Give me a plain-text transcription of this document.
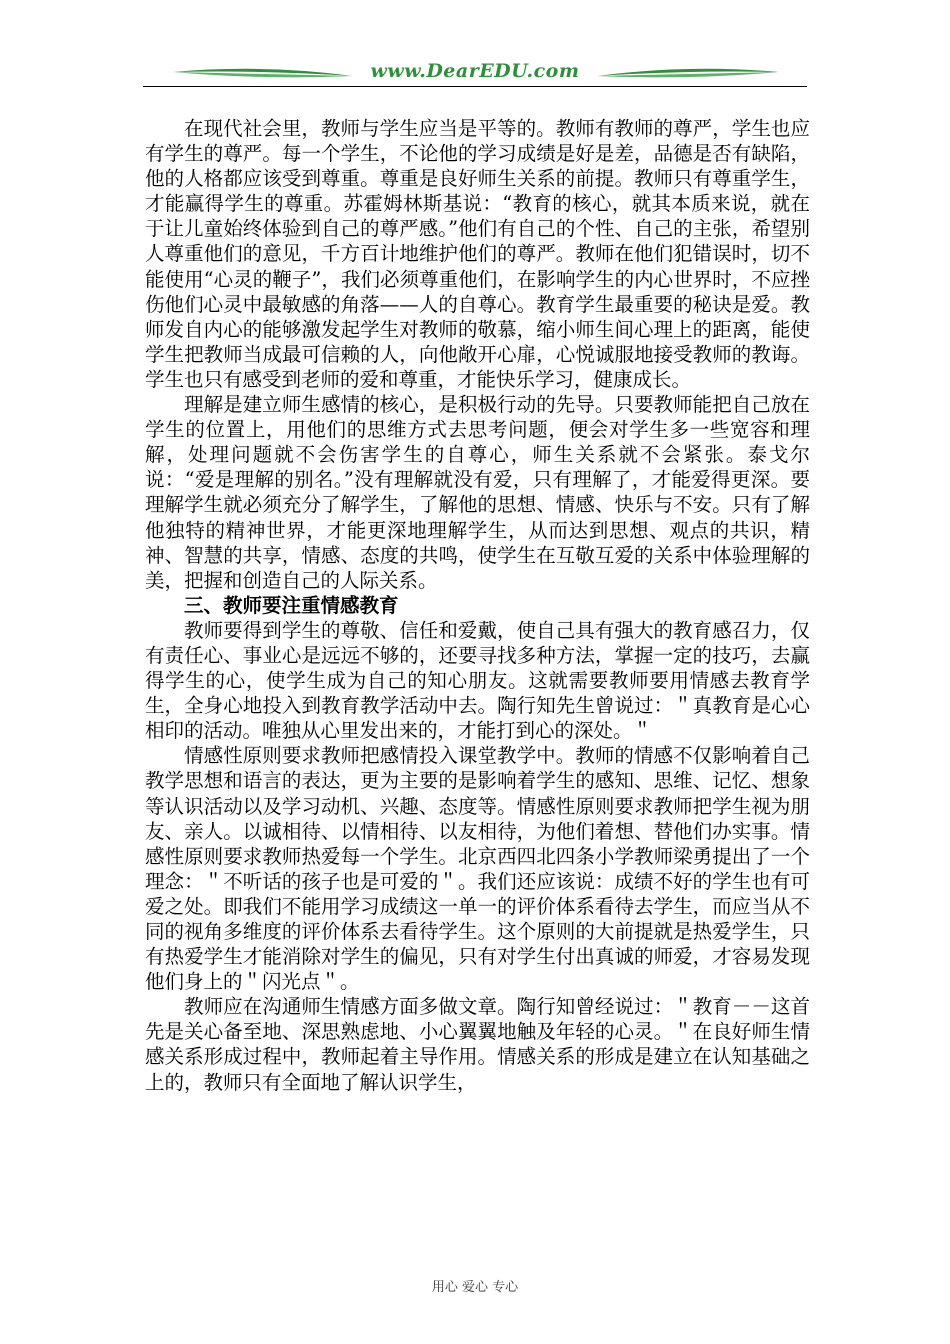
www.DearEDU.com

在现代社会里，教师与学生应当是平等的。教师有教师的尊严，学生也应有学生的尊严。每一个学生，不论他的学习成绩是好是差，品德是否有缺陷，他的人格都应该受到尊重。尊重是良好师生关系的前提。教师只有尊重学生，才能赢得学生的尊重。苏霍姆林斯基说：“教育的核心，就其本质来说，就在于让儿童始终体验到自己的尊严感。”他们有自己的个性、自己的主张，希望别人尊重他们的意见，千方百计地维护他们的尊严。教师在他们犯错误时，切不能使用“心灵的鞭子”，我们必须尊重他们，在影响学生的内心世界时，不应挫伤他们心灵中最敏感的角落——人的自尊心。教育学生最重要的秘诀是爱。教师发自内心的能够激发起学生对教师的敬慕，缩小师生间心理上的距离，能使学生把教师当成最可信赖的人，向他敞开心扉，心悦诚服地接受教师的教诲。学生也只有感受到老师的爱和尊重，才能快乐学习，健康成长。

理解是建立师生感情的核心，是积极行动的先导。只要教师能把自己放在学生的位置上，用他们的思维方式去思考问题，便会对学生多一些宽容和理解，处理问题就不会伤害学生的自尊心，师生关系就不会紧张。泰戈尔说：“爱是理解的别名。”没有理解就没有爱，只有理解了，才能爱得更深。要理解学生就必须充分了解学生，了解他的思想、情感、快乐与不安。只有了解他独特的精神世界，才能更深地理解学生，从而达到思想、观点的共识，精神、智慧的共享，情感、态度的共鸣，使学生在互敬互爱的关系中体验理解的美，把握和创造自己的人际关系。

三、教师要注重情感教育

教师要得到学生的尊敬、信任和爱戴，使自己具有强大的教育感召力，仅有责任心、事业心是远远不够的，还要寻找多种方法，掌握一定的技巧，去赢得学生的心，使学生成为自己的知心朋友。这就需要教师要用情感去教育学生，全身心地投入到教育教学活动中去。陶行知先生曾说过：＂真教育是心心相印的活动。唯独从心里发出来的，才能打到心的深处。＂

情感性原则要求教师把感情投入课堂教学中。教师的情感不仅影响着自己教学思想和语言的表达，更为主要的是影响着学生的感知、思维、记忆、想象等认识活动以及学习动机、兴趣、态度等。情感性原则要求教师把学生视为朋友、亲人。以诚相待、以情相待、以友相待，为他们着想、替他们办实事。情感性原则要求教师热爱每一个学生。北京西四北四条小学教师梁勇提出了一个理念：＂不听话的孩子也是可爱的＂。我们还应该说：成绩不好的学生也有可爱之处。即我们不能用学习成绩这一单一的评价体系看待去学生，而应当从不同的视角多维度的评价体系去看待学生。这个原则的大前提就是热爱学生，只有热爱学生才能消除对学生的偏见，只有对学生付出真诚的师爱，才容易发现他们身上的＂闪光点＂。

教师应在沟通师生情感方面多做文章。陶行知曾经说过：＂教育－－这首先是关心备至地、深思熟虑地、小心翼翼地触及年轻的心灵。＂在良好师生情感关系形成过程中，教师起着主导作用。情感关系的形成是建立在认知基础之上的，教师只有全面地了解认识学生，

用心 爱心 专心
